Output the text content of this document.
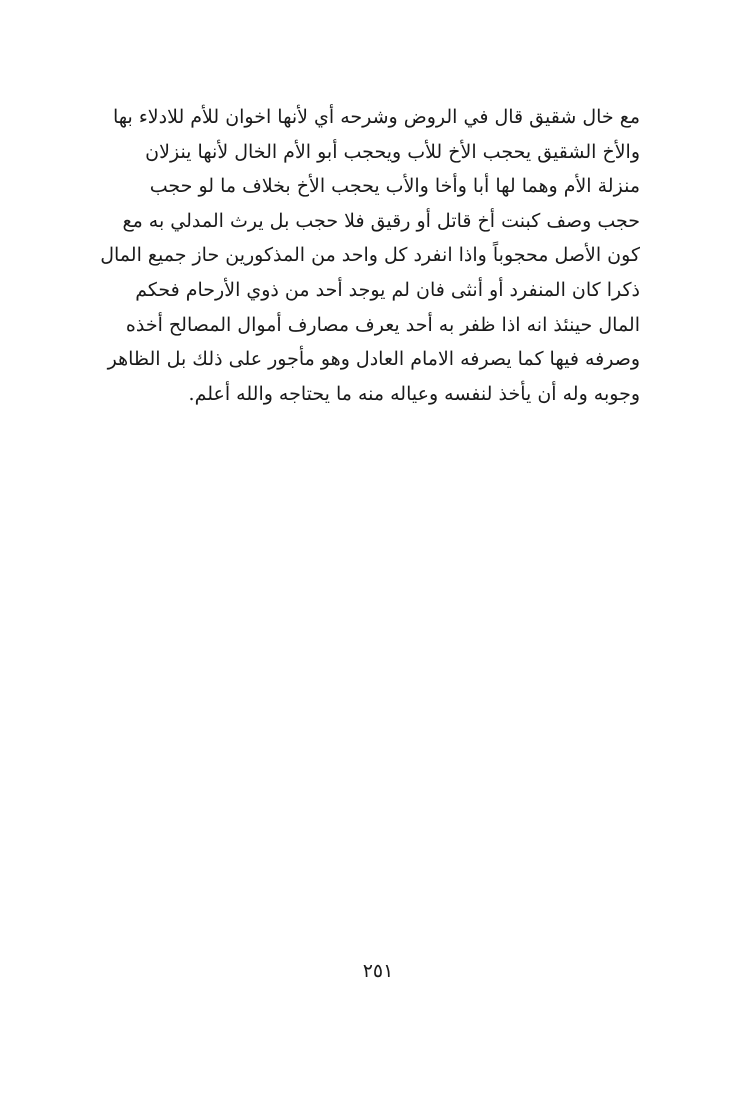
مع خال شقيق قال في الروض وشرحه أي لأنها اخوان للأم للادلاء بها
والأخ الشقيق يحجب الأخ للأب ويحجب أبو الأم الخال لأنها ينزلان
منزلة الأم وهما لها أبا وأخا والأب يحجب الأخ بخلاف ما لو حجب
حجب وصف كبنت أخ قاتل أو رقيق فلا حجب بل يرث المدلي به مع
كون الأصل محجوباً واذا انفرد كل واحد من المذكورين حاز جميع المال
ذكرا كان المنفرد أو أنثى فان لم يوجد أحد من ذوي الأرحام فحكم
المال حينئذ انه اذا ظفر به أحد يعرف مصارف أموال المصالح أخذه
وصرفه فيها كما يصرفه الامام العادل وهو مأجور على ذلك بل الظاهر
وجوبه وله أن يأخذ لنفسه وعياله منه ما يحتاجه والله أعلم.
٢٥١
